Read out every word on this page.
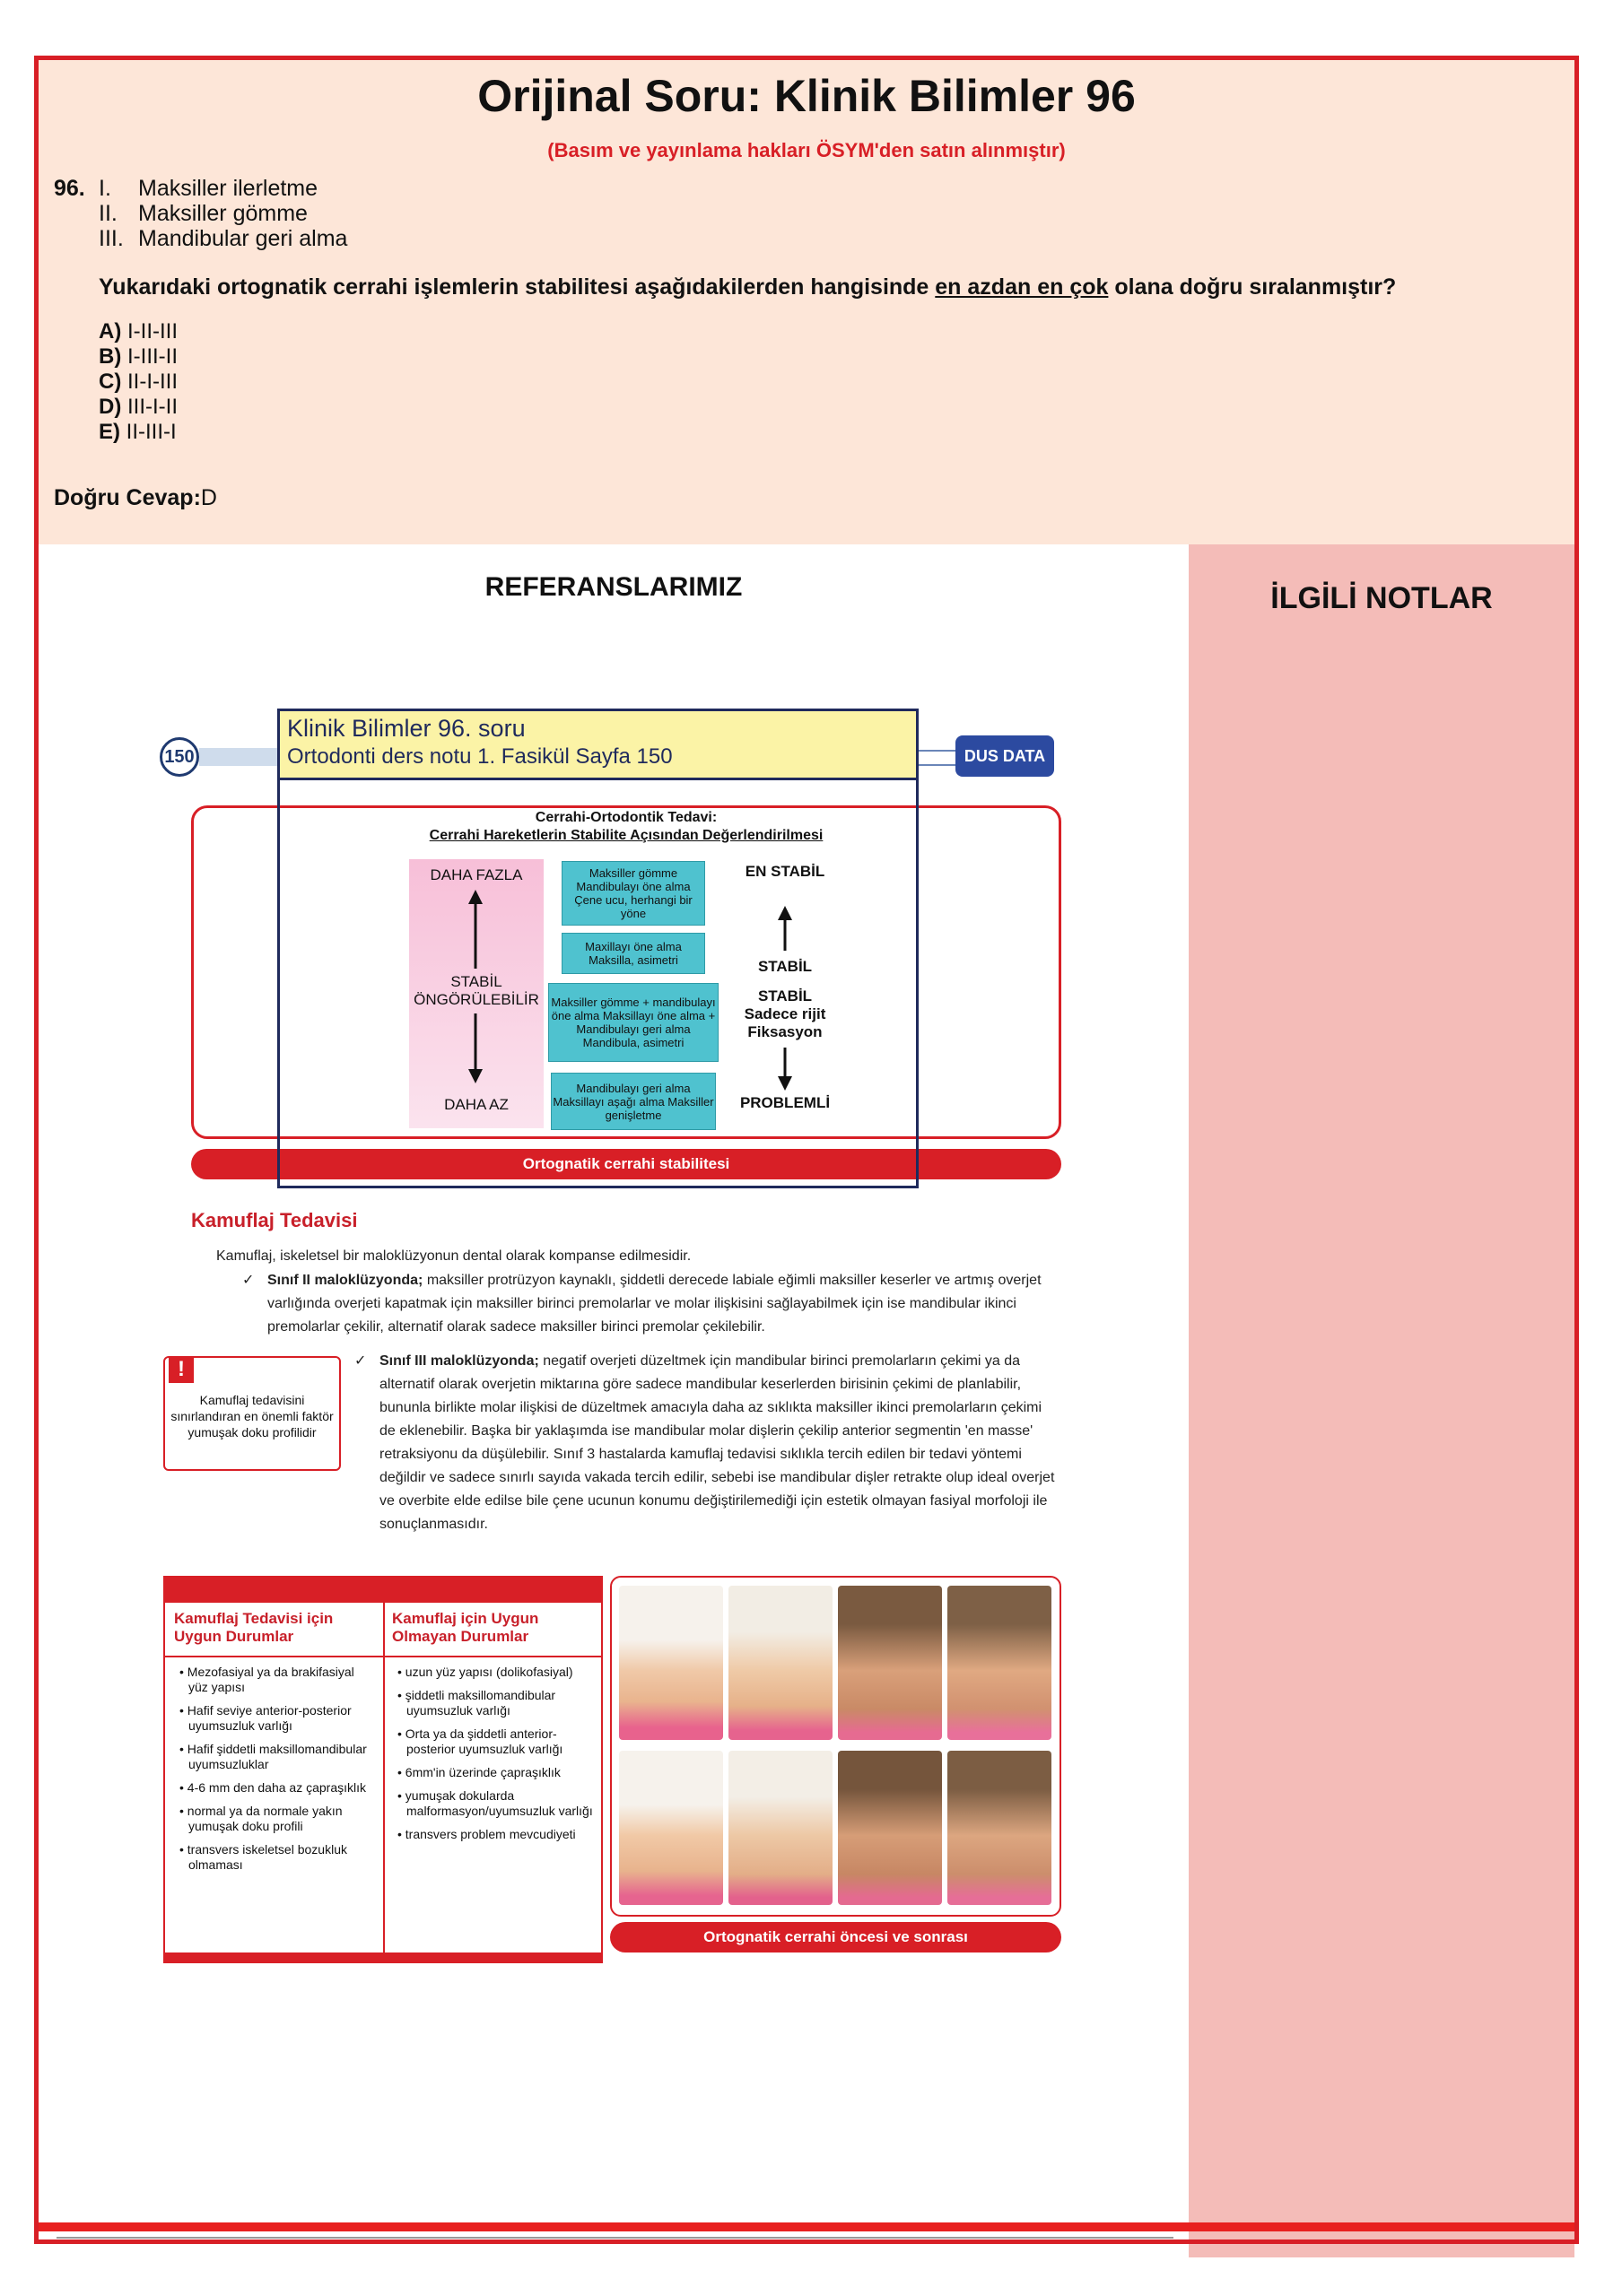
Orijinal Soru: Klinik Bilimler 96
(Basım ve yayınlama hakları ÖSYM'den satın alınmıştır)
96. I. Maksiller ilerletme
II. Maksiller gömme
III. Mandibular geri alma
Yukarıdaki ortognatik cerrahi işlemlerin stabilitesi aşağıdakilerden hangisinde en azdan en çok olana doğru sıralanmıştır?
A) I-II-III
B) I-III-II
C) II-I-III
D) III-I-II
E) II-III-I
Doğru Cevap:D
REFERANSLARIMIZ	İLGİLİ NOTLAR
150	DUS DATA
Cerrahi-Ortodontik Tedavi:
Cerrahi Hareketlerin Stabilite Açısından Değerlendirilmesi
DAHA FAZLA
STABİL ÖNGÖRÜLEBİLİR
DAHA AZ
Maksiller gömme Mandibulayı öne alma Çene ucu, herhangi bir yöne
Maxillayı öne alma Maksilla, asimetri
Maksiller gömme + mandibulayı öne alma Maksillayı öne alma + Mandibulayı geri alma Mandibula, asimetri
Mandibulayı geri alma Maksillayı aşağı alma Maksiller genişletme
EN STABİL
STABİL
STABİL Sadece rijit Fiksasyon
PROBLEMLİ
Ortognatik cerrahi stabilitesi
Klinik Bilimler 96. soru
Ortodonti ders notu 1. Fasikül Sayfa 150
Kamuflaj Tedavisi
Kamuflaj, iskeletsel bir maloklüzyonun dental olarak kompanse edilmesidir.
✓ Sınıf II maloklüzyonda; maksiller protrüzyon kaynaklı, şiddetli derecede labiale eğimli maksiller keserler ve artmış overjet varlığında overjeti kapatmak için maksiller birinci premolarlar ve molar ilişkisini sağlayabilmek için ise mandibular ikinci premolarlar çekilir, alternatif olarak sadece maksiller birinci premolar çekilebilir.
✓ Sınıf III maloklüzyonda; negatif overjeti düzeltmek için mandibular birinci premolarların çekimi ya da alternatif olarak overjetin miktarına göre sadece mandibular keserlerden birisinin çekimi de planlabilir, bununla birlikte molar ilişkisi de düzeltmek amacıyla daha az sıklıkta maksiller ikinci premolarların çekimi de eklenebilir. Başka bir yaklaşımda ise mandibular molar dişlerin çekilip anterior segmentin 'en masse' retraksiyonu da düşülebilir. Sınıf 3 hastalarda kamuflaj tedavisi sıklıkla tercih edilen bir tedavi yöntemi değildir ve sadece sınırlı sayıda vakada tercih edilir, sebebi ise mandibular dişler retrakte olup ideal overjet ve overbite elde edilse bile çene ucunun konumu değiştirilemediği için estetik olmayan fasiyal morfoloji ile sonuçlanmasıdır.
!
Kamuflaj tedavisini sınırlandıran en önemli faktör yumuşak doku profilidir
Kamuflaj Tedavisi için Uygun Durumlar
Kamuflaj için Uygun Olmayan Durumlar
• Mezofasiyal ya da brakifasiyal yüz yapısı
• Hafif seviye anterior-posterior uyumsuzluk varlığı
• Hafif şiddetli maksillomandibular uyumsuzluklar
• 4-6 mm den daha az çapraşıklık
• normal ya da normale yakın yumuşak doku profili
• transvers iskeletsel bozukluk olmaması
• uzun yüz yapısı (dolikofasiyal)
• şiddetli maksillomandibular uyumsuzluk varlığı
• Orta ya da şiddetli anterior-posterior uyumsuzluk varlığı
• 6mm'in üzerinde çapraşıklık
• yumuşak dokularda malformasyon/uyumsuzluk varlığı
• transvers problem mevcudiyeti
Ortognatik cerrahi öncesi ve sonrası
